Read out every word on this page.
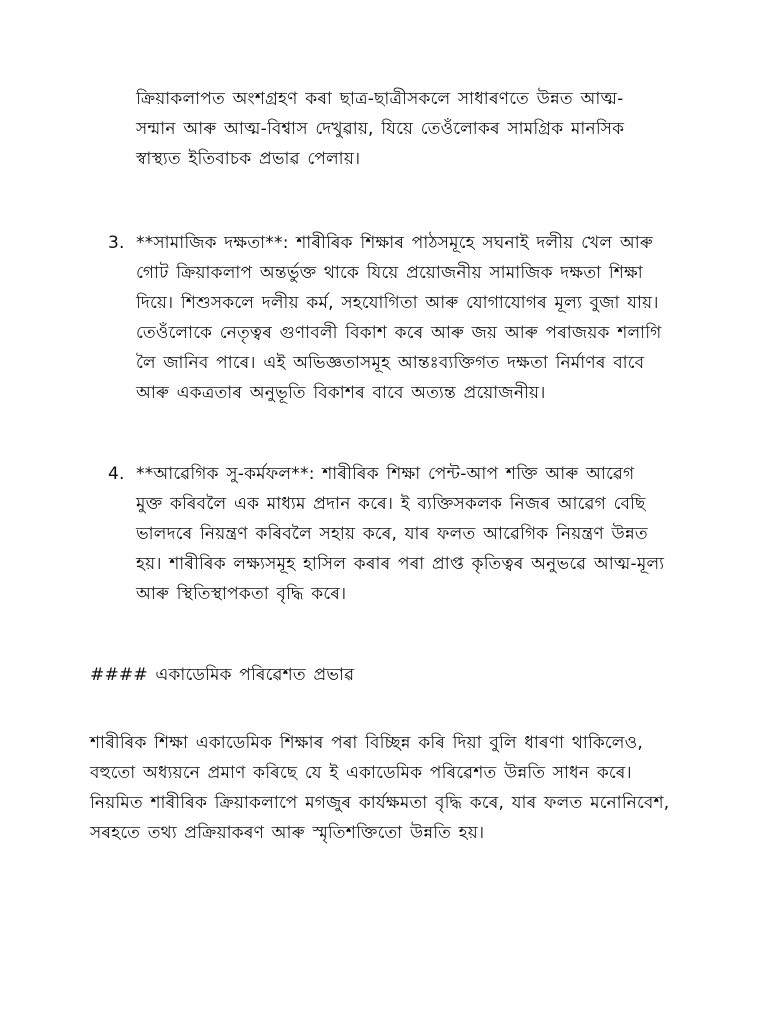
ক্ৰিয়াকলাপত অংশগ্ৰহণ কৰা ছাত্ৰ-ছাত্ৰীসকলে সাধাৰণতে উন্নত আত্ম-সন্মান আৰু আত্ম-বিশ্বাস দেখুৱায়, যিয়ে তেওঁলোকৰ সামগ্ৰিক মানসিক স্বাস্থ্যত ইতিবাচক প্ৰভাৱ পেলায়।

3. **সামাজিক দক্ষতা**: শাৰীৰিক শিক্ষাৰ পাঠসমূহে সঘনাই দলীয় খেল আৰু গোট ক্ৰিয়াকলাপ অন্তৰ্ভুক্ত থাকে যিয়ে প্ৰয়োজনীয় সামাজিক দক্ষতা শিক্ষা দিয়ে। শিশুসকলে দলীয় কৰ্ম, সহযোগিতা আৰু যোগাযোগৰ মূল্য বুজা যায়। তেওঁলোকে নেতৃত্বৰ গুণাবলী বিকাশ কৰে আৰু জয় আৰু পৰাজয়ক শলাগি লৈ জানিব পাৰে। এই অভিজ্ঞতাসমূহ আন্তঃব্যক্তিগত দক্ষতা নিৰ্মাণৰ বাবে আৰু একত্ৰতাৰ অনুভূতি বিকাশৰ বাবে অত্যন্ত প্ৰয়োজনীয়।
4. **আৱেগিক সু-কৰ্মফল**: শাৰীৰিক শিক্ষা পেন্ট-আপ শক্তি আৰু আৱেগ মুক্ত কৰিবলৈ এক মাধ্যম প্ৰদান কৰে। ই ব্যক্তিসকলক নিজৰ আৱেগ বেছি ভালদৰে নিয়ন্ত্ৰণ কৰিবলৈ সহায় কৰে, যাৰ ফলত আৱেগিক নিয়ন্ত্ৰণ উন্নত হয়। শাৰীৰিক লক্ষ্যসমূহ হাসিল কৰাৰ পৰা প্ৰাপ্ত কৃতিত্বৰ অনুভৱে আত্ম-মূল্য আৰু স্থিতিস্থাপকতা বৃদ্ধি কৰে।

#### একাডেমিক পৰিৱেশত প্ৰভাৱ

শাৰীৰিক শিক্ষা একাডেমিক শিক্ষাৰ পৰা বিচ্ছিন্ন কৰি দিয়া বুলি ধাৰণা থাকিলেও, বহুতো অধ্যয়নে প্ৰমাণ কৰিছে যে ই একাডেমিক পৰিৱেশত উন্নতি সাধন কৰে। নিয়মিত শাৰীৰিক ক্ৰিয়াকলাপে মগজুৰ কাৰ্যক্ষমতা বৃদ্ধি কৰে, যাৰ ফলত মনোনিবেশ, সৰহতে তথ্য প্ৰক্ৰিয়াকৰণ আৰু স্মৃতিশক্তিতো উন্নতি হয়।
